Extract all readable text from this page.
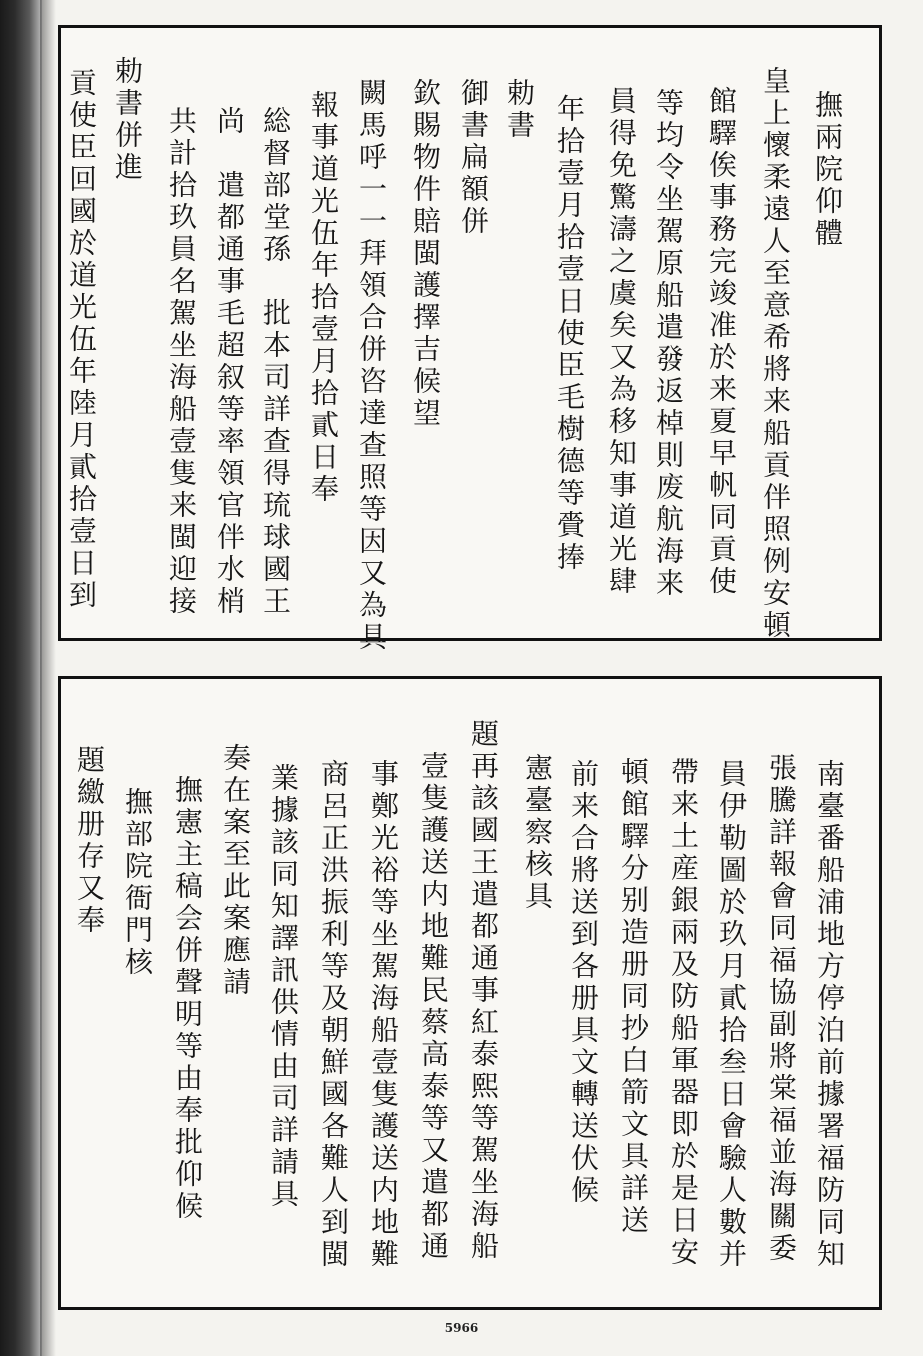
撫兩院仰體
皇上懷柔遠人至意希將来船貢伴照例安頓
館驛俟事務完竣准於来夏早帆同貢使
等均令坐駕原船遣發返棹則废航海来
員得免驚濤之虞矣又為移知事道光肆
年拾壹月拾壹日使臣毛樹德等賫捧
勅書
御書扁額併
欽賜物件賠閩護擇吉候望
闕馬呼一一拜領合併咨達查照等因又為具
報事道光伍年拾壹月拾貳日奉
総督部堂孫　批本司詳查得琉球國王
尚　遣都通事毛超叙等率領官伴水梢
共計拾玖員名駕坐海船壹隻来閩迎接
勅書併進
貢使臣回國於道光伍年陸月貳拾壹日到
南臺番船浦地方停泊前據署福防同知
張騰詳報會同福協副將棠福並海關委
員伊勒圖於玖月貳拾叁日會驗人數并
帶来土産銀兩及防船軍器即於是日安
頓館驛分别造册同抄白箭文具詳送
前来合將送到各册具文轉送伏候
憲臺察核具
題再該國王遣都通事紅泰熙等駕坐海船
壹隻護送内地難民蔡高泰等又遣都通
事鄭光裕等坐駕海船壹隻護送内地難
商呂正洪振利等及朝鮮國各難人到閩
業據該同知譯訊供情由司詳請具
奏在案至此案應請
撫憲主稿会併聲明等由奉批仰候
撫部院衙門核
題繳册存又奉
5966
